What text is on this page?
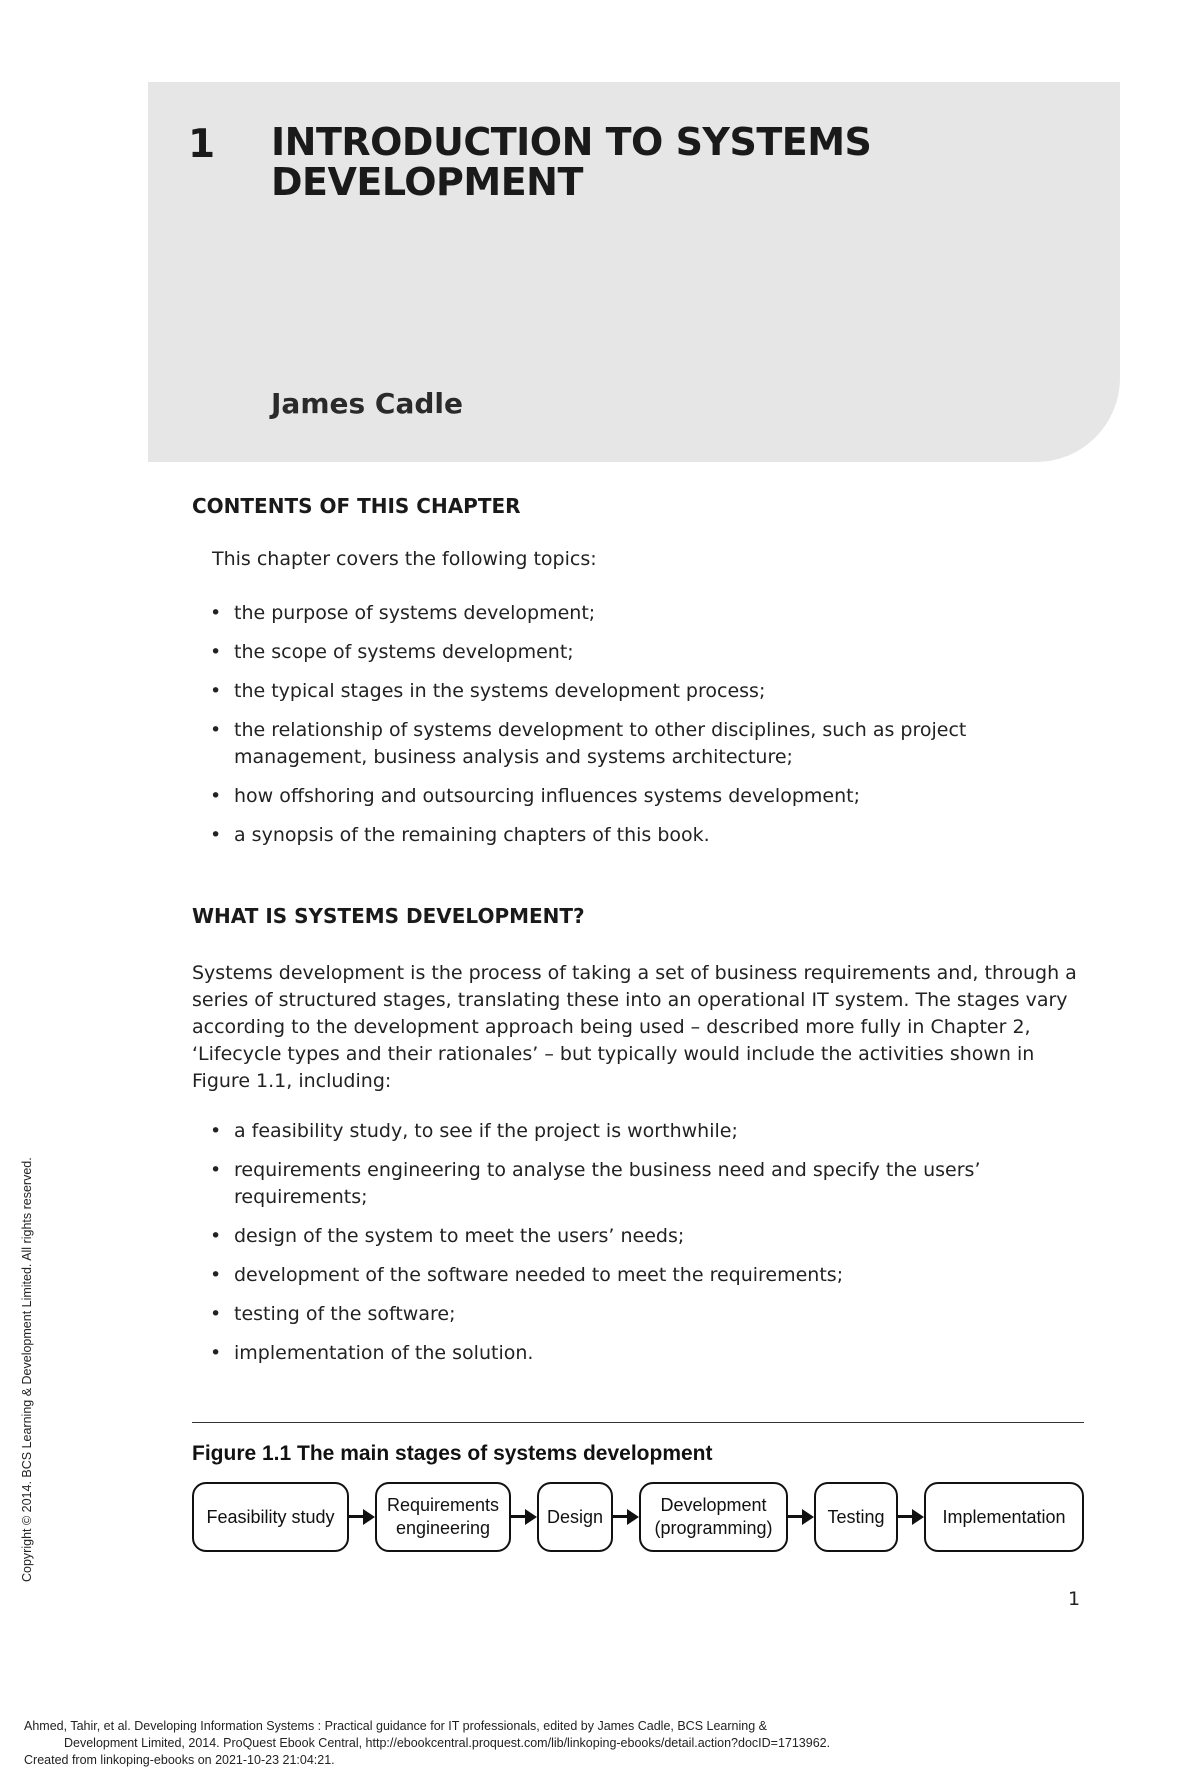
1 INTRODUCTION TO SYSTEMS
DEVELOPMENT
James Cadle
CONTENTS OF THIS CHAPTER
This chapter covers the following topics:
• the purpose of systems development;
• the scope of systems development;
• the typical stages in the systems development process;
• the relationship of systems development to other disciplines, such as project management, business analysis and systems architecture;
• how offshoring and outsourcing influences systems development;
• a synopsis of the remaining chapters of this book.
WHAT IS SYSTEMS DEVELOPMENT?

Systems development is the process of taking a set of business requirements and, through a series of structured stages, translating these into an operational IT system. The stages vary according to the development approach being used – described more fully in Chapter 2, ‘Lifecycle types and their rationales’ – but typically would include the activities shown in Figure 1.1, including:

• a feasibility study, to see if the project is worthwhile;
• requirements engineering to analyse the business need and specify the users’ requirements;
• design of the system to meet the users’ needs;
• development of the software needed to meet the requirements;
• testing of the software;
• implementation of the solution.
Figure 1.1 The main stages of systems development
Feasibility study
Requirements
engineering
Design
Development
(programming)
Testing	Implementation
1
Copyright © 2014. BCS Learning & Development Limited. All rights reserved.
Ahmed, Tahir, et al. Developing Information Systems : Practical guidance for IT professionals, edited by James Cadle, BCS Learning &
Development Limited, 2014. ProQuest Ebook Central, http://ebookcentral.proquest.com/lib/linkoping-ebooks/detail.action?docID=1713962.
Created from linkoping-ebooks on 2021-10-23 21:04:21.
